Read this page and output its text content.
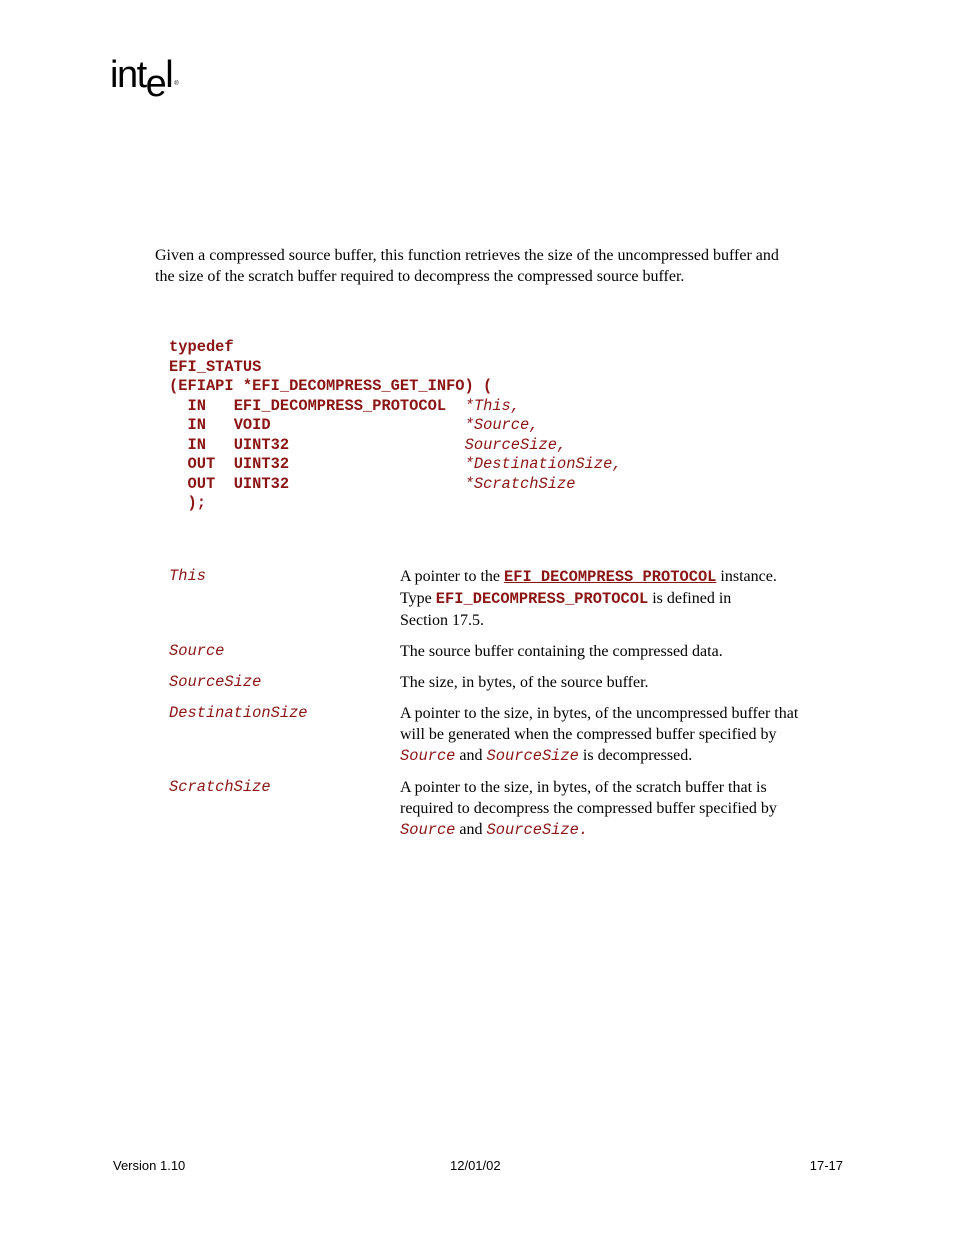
intel ®

Given a compressed source buffer, this function retrieves the size of the uncompressed buffer and
the size of the scratch buffer required to decompress the compressed source buffer.

typedef
EFI_STATUS
(EFIAPI *EFI_DECOMPRESS_GET_INFO) (
IN EFI_DECOMPRESS_PROTOCOL *This,
IN VOID	*Source,
IN UINT32	SourceSize,
OUT UINT32	*DestinationSize,
OUT UINT32	*ScratchSize
);
This	A pointer to the EFI_DECOMPRESS_PROTOCOL instance.
Type EFI_DECOMPRESS_PROTOCOL is defined in
Section 17.5.
Source	The source buffer containing the compressed data.
SourceSize	The size, in bytes, of the source buffer.
DestinationSize	A pointer to the size, in bytes, of the uncompressed buffer that
will be generated when the compressed buffer specified by
Source and SourceSize is decompressed.
ScratchSize	A pointer to the size, in bytes, of the scratch buffer that is
required to decompress the compressed buffer specified by
Source and SourceSize.
Version 1.10	12/01/02	17-17
